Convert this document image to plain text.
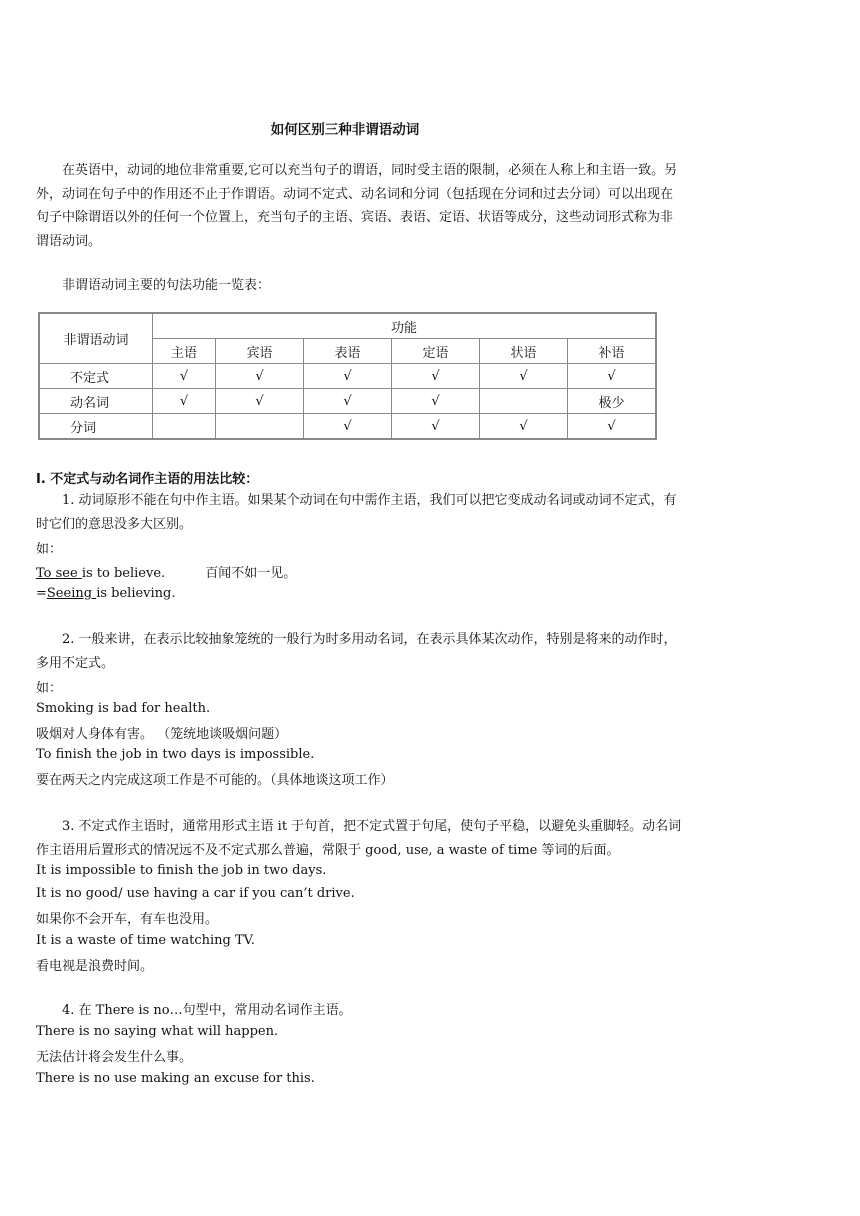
如何区别三种非谓语动词
在英语中，动词的地位非常重要,它可以充当句子的谓语，同时受主语的限制，必须在人称上和主语一致。另外，动词在句子中的作用还不止于作谓语。动词不定式、动名词和分词（包括现在分词和过去分词）可以出现在句子中除谓语以外的任何一个位置上，充当句子的主语、宾语、表语、定语、状语等成分，这些动词形式称为非谓语动词。
非谓语动词主要的句法功能一览表：
非谓语动词	功能					
	主语	宾语	表语	定语	状语	补语
不定式	√	√	√	√	√	√
动名词	√	√	√	√		极少
分词			√	√	√	√
Ⅰ. 不定式与动名词作主语的用法比较：
1. 动词原形不能在句中作主语。如果某个动词在句中需作主语，我们可以把它变成动名词或动词不定式，有时它们的意思没多大区别。
如：
To see is to believe.	百闻不如一见。
=Seeing is believing.
2. 一般来讲，在表示比较抽象笼统的一般行为时多用动名词，在表示具体某次动作，特别是将来的动作时，多用不定式。
如：
Smoking is bad for health.
吸烟对人身体有害。 （笼统地谈吸烟问题）
To finish the job in two days is impossible.
要在两天之内完成这项工作是不可能的。（具体地谈这项工作）
3. 不定式作主语时，通常用形式主语 it 于句首，把不定式置于句尾，使句子平稳，以避免头重脚轻。动名词作主语用后置形式的情况远不及不定式那么普遍，常限于 good, use, a waste of time 等词的后面。
It is impossible to finish the job in two days.
It is no good/ use having a car if you can’t drive.
如果你不会开车，有车也没用。
It is a waste of time watching TV.
看电视是浪费时间。
4. 在 There is no…句型中，常用动名词作主语。
There is no saying what will happen.
无法估计将会发生什么事。
There is no use making an excuse for this.
